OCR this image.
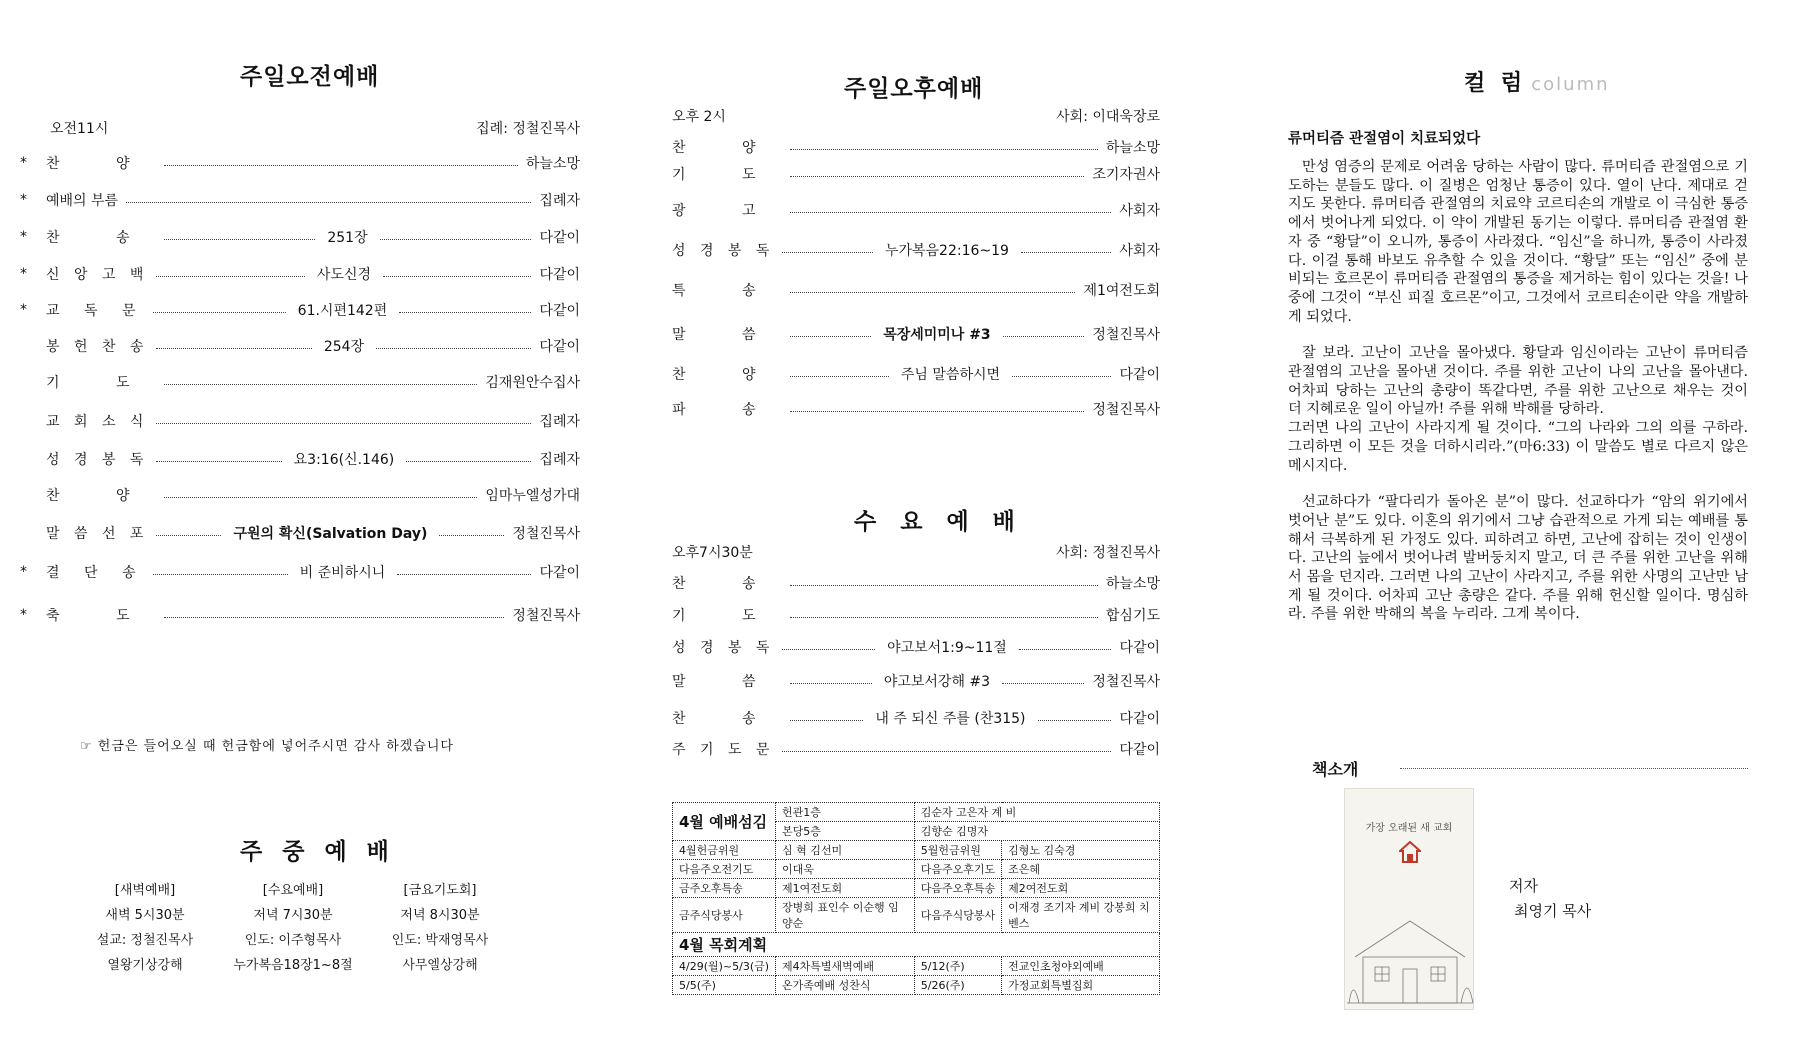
주일오전예배
오전11시	집례: 정철진목사
*	찬 양	하늘소망
*	예배의 부름	집례자
*	찬 송	251장	다같이
*	신 앙 고 백	사도신경	다같이
*	교 독 문	61.시편142편	다같이
봉 헌 찬 송	254장	다같이
기 도	김재원안수집사
교 회 소 식	집례자
성 경 봉 독	요3:16(신.146)	집례자
찬 양	임마누엘성가대
말 씀 선 포	구원의 확신(Salvation Day)	정철진목사
*	결 단 송	비 준비하시니	다같이
*	축 도	정철진목사
☞ 헌금은 들어오실 때 헌금함에 넣어주시면 감사 하겠습니다
주 중 예 배
[새벽예배]
새벽 5시30분
설교: 정철진목사
열왕기상강해
[수요예배]
저녁 7시30분
인도: 이주형목사
누가복음18장1~8절
[금요기도회]
저녁 8시30분
인도: 박재영목사
사무엘상강해
주일오후예배
오후 2시	사회: 이대욱장로
찬 양	하늘소망
기 도	조기자권사
광 고	사회자
성 경 봉 독	누가복음22:16~19	사회자
특 송	제1여전도회
말 씀	목장세미미나 #3	정철진목사
찬 양	주님 말씀하시면	다같이
파 송	정철진목사
수 요 예 배
오후7시30분	사회: 정철진목사
찬 송	하늘소망
기 도	합심기도
성 경 봉 독	야고보서1:9~11절	다같이
말 씀	야고보서강해 #3	정철진목사
찬 송	내 주 되신 주를 (찬315)	다같이
주 기 도 문	다같이
4월 예배섬김	헌관1층	김순자 고은자 계 비	
	본당5층	김향순 김명자	
4월헌금위원	심 혁 김선미	5월헌금위원	김형노 김숙경
다음주오전기도	이대욱	다음주오후기도	조은혜
금주오후특송	제1여전도회	다음주오후특송	제2여전도회
금주식당봉사	장병희 표인수 이순행 임양순	다음주식당봉사	이재경 조기자 계비 강봉희 치벤스
4월 목회계획			
4/29(월)~5/3(금)	제4차특별새벽예배	5/12(주)	전교인초청야외예배
5/5(주)	온가족예배 성찬식	5/26(주)	가정교회특별집회
컬 럼 column
류머티즘 관절염이 치료되었다

만성 염증의 문제로 어려움 당하는 사람이 많다. 류머티즘 관절염으로 기도하는 분들도 많다. 이 질병은 엄청난 통증이 있다. 열이 난다. 제대로 걷지도 못한다. 류머티즘 관절염의 치료약 코르티손의 개발로 이 극심한 통증에서 벗어나게 되었다. 이 약이 개발된 동기는 이렇다. 류머티즘 관절염 환자 중 “황달”이 오니까, 통증이 사라졌다. “임신”을 하니까, 통증이 사라졌다. 이걸 통해 바보도 유추할 수 있을 것이다. “황달” 또는 “임신” 중에 분비되는 호르몬이 류머티즘 관절염의 통증을 제거하는 힘이 있다는 것을! 나중에 그것이 “부신 피질 호르몬”이고, 그것에서 코르티손이란 약을 개발하게 되었다.

잘 보라. 고난이 고난을 몰아냈다. 황달과 임신이라는 고난이 류머티즘 관절염의 고난을 몰아낸 것이다. 주를 위한 고난이 나의 고난을 몰아낸다. 어차피 당하는 고난의 총량이 똑같다면, 주를 위한 고난으로 채우는 것이 더 지혜로운 일이 아닐까! 주를 위해 박해를 당하라.

그러면 나의 고난이 사라지게 될 것이다. “그의 나라와 그의 의를 구하라. 그리하면 이 모든 것을 더하시리라.”(마6:33) 이 말씀도 별로 다르지 않은 메시지다.

선교하다가 “팔다리가 돌아온 분”이 많다. 선교하다가 “암의 위기에서 벗어난 분”도 있다. 이혼의 위기에서 그냥 습관적으로 가게 되는 예배를 통해서 극복하게 된 가정도 있다. 피하려고 하면, 고난에 잡히는 것이 인생이다. 고난의 늪에서 벗어나려 발버둥치지 말고, 더 큰 주를 위한 고난을 위해서 몸을 던지라. 그러면 나의 고난이 사라지고, 주를 위한 사명의 고난만 남게 될 것이다. 어차피 고난 총량은 같다. 주를 위해 헌신할 일이다. 명심하라. 주를 위한 박해의 복을 누리라. 그게 복이다.

책소개
가장 오래된 새 교회
저자
최영기 목사
